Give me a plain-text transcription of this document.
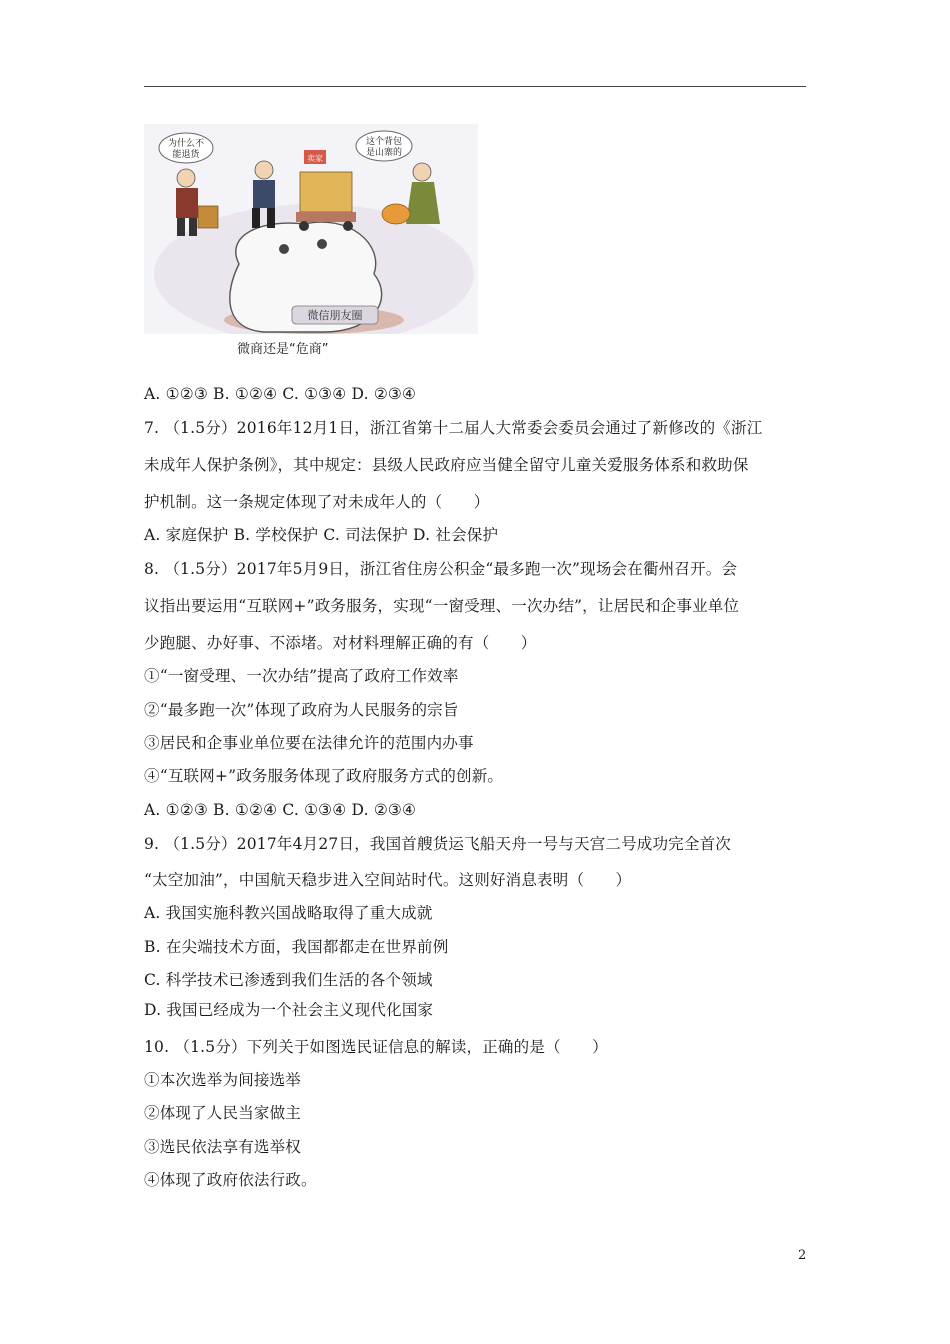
微信朋友圈
为什么不
能退货	卖家
这个背包
是山寨的
微商还是“危商”
A. ①②③ B. ①②④ C. ①③④ D. ②③④
7. （1.5分）2016年12月1日，浙江省第十二届人大常委会委员会通过了新修改的《浙江
未成年人保护条例》，其中规定：县级人民政府应当健全留守儿童关爱服务体系和救助保
护机制。这一条规定体现了对未成年人的（　　）
A. 家庭保护 B. 学校保护 C. 司法保护 D. 社会保护
8. （1.5分）2017年5月9日，浙江省住房公积金“最多跑一次”现场会在衢州召开。会
议指出要运用“互联网+”政务服务，实现“一窗受理、一次办结”，让居民和企事业单位
少跑腿、办好事、不添堵。对材料理解正确的有（　　）
①“一窗受理、一次办结”提高了政府工作效率
②“最多跑一次”体现了政府为人民服务的宗旨
③居民和企事业单位要在法律允许的范围内办事
④“互联网+”政务服务体现了政府服务方式的创新。
A. ①②③ B. ①②④ C. ①③④ D. ②③④
9. （1.5分）2017年4月27日，我国首艘货运飞船天舟一号与天宫二号成功完全首次
“太空加油”，中国航天稳步进入空间站时代。这则好消息表明（　　）
A. 我国实施科教兴国战略取得了重大成就
B. 在尖端技术方面，我国都都走在世界前例
C. 科学技术已渗透到我们生活的各个领域
D. 我国已经成为一个社会主义现代化国家
10. （1.5分）下列关于如图选民证信息的解读，正确的是（　　）
①本次选举为间接选举
②体现了人民当家做主
③选民依法享有选举权
④体现了政府依法行政。
2
